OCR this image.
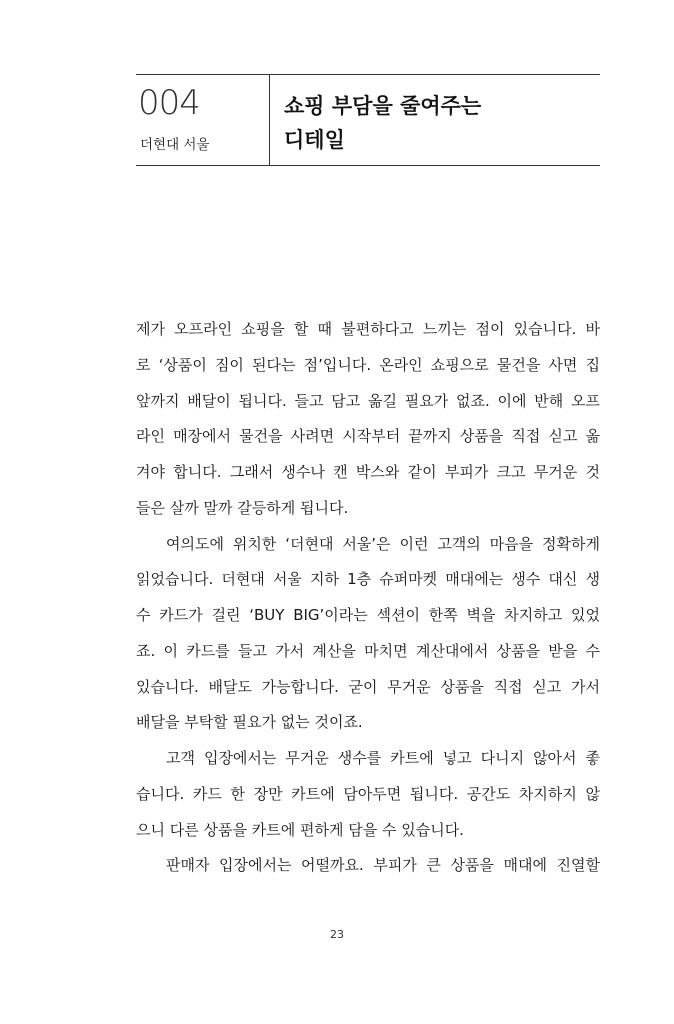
004
더현대 서울
쇼핑 부담을 줄여주는
디테일
제가 오프라인 쇼핑을 할 때 불편하다고 느끼는 점이 있습니다. 바
로 ‘상품이 짐이 된다는 점’입니다. 온라인 쇼핑으로 물건을 사면 집
앞까지 배달이 됩니다. 들고 담고 옮길 필요가 없죠. 이에 반해 오프
라인 매장에서 물건을 사려면 시작부터 끝까지 상품을 직접 싣고 옮
겨야 합니다. 그래서 생수나 캔 박스와 같이 부피가 크고 무거운 것
들은 살까 말까 갈등하게 됩니다.
여의도에 위치한 ‘더현대 서울’은 이런 고객의 마음을 정확하게
읽었습니다. 더현대 서울 지하 1층 슈퍼마켓 매대에는 생수 대신 생
수 카드가 걸린 ‘BUY BIG’이라는 섹션이 한쪽 벽을 차지하고 있었
죠. 이 카드를 들고 가서 계산을 마치면 계산대에서 상품을 받을 수
있습니다. 배달도 가능합니다. 굳이 무거운 상품을 직접 싣고 가서
배달을 부탁할 필요가 없는 것이죠.
고객 입장에서는 무거운 생수를 카트에 넣고 다니지 않아서 좋
습니다. 카드 한 장만 카트에 담아두면 됩니다. 공간도 차지하지 않
으니 다른 상품을 카트에 편하게 담을 수 있습니다.
판매자 입장에서는 어떨까요. 부피가 큰 상품을 매대에 진열할
23
